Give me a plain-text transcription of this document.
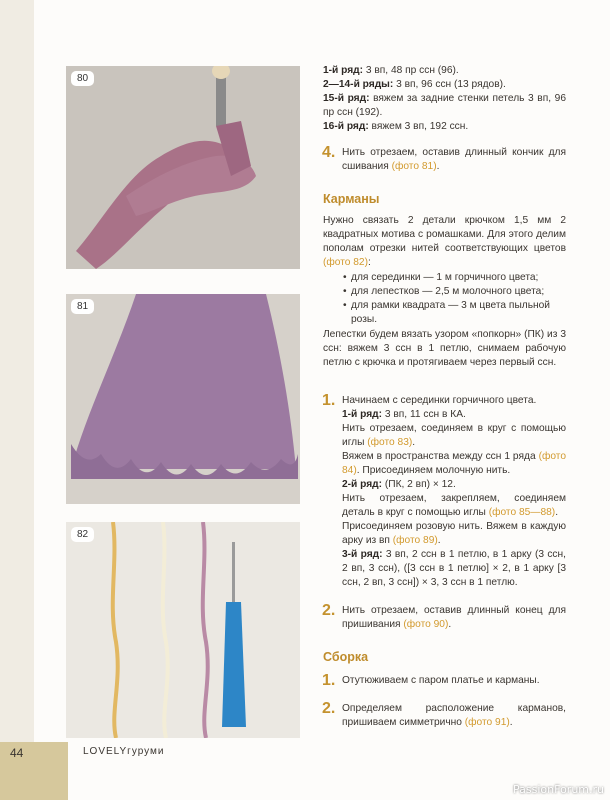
80
81
82

1-й ряд: 3 вп, 48 пр ссн (96).

2—14-й ряды: 3 вп, 96 ссн (13 рядов).

15-й ряд: вяжем за задние стенки петель 3 вп, 96 пр ссн (192).

16-й ряд: вяжем 3 вп, 192 ссн.

4. Нить отрезаем, оставив длинный кончик для сшивания (фото 81).

Карманы

Нужно связать 2 детали крючком 1,5 мм 2 квадратных мотива с ромашками. Для этого делим пополам отрезки нитей соответствующих цветов (фото 82):

• для серединки — 1 м горчичного цвета;

• для лепестков — 2,5 м молочного цвета;

• для рамки квадрата — 3 м цвета пыльной розы.

Лепестки будем вязать узором «попкорн» (ПК) из 3 ссн: вяжем 3 ссн в 1 петлю, снимаем рабочую петлю с крючка и протягиваем через первый ссн.

1. Начинаем с серединки горчичного цвета.

1-й ряд: 3 вп, 11 ссн в КА.

Нить отрезаем, соединяем в круг с помощью иглы (фото 83).

Вяжем в пространства между ссн 1 ряда (фото 84). Присоединяем молочную нить.

2-й ряд: (ПК, 2 вп) × 12.

Нить отрезаем, закрепляем, соединяем деталь в круг с помощью иглы (фото 85—88).

Присоединяем розовую нить. Вяжем в каждую арку из вп (фото 89).

3-й ряд: 3 вп, 2 ссн в 1 петлю, в 1 арку (3 ссн, 2 вп, 3 ссн), ([3 ссн в 1 петлю] × 2, в 1 арку [3 ссн, 2 вп, 3 ссн]) × 3, 3 ссн в 1 петлю.

2. Нить отрезаем, оставив длинный конец для пришивания (фото 90).

Сборка
1. Отутюживаем с паром платье и карманы.

2. Определяем расположение карманов, пришиваем симметрично (фото 91).

44	LOVELYгуруми
PassionForum.ru
